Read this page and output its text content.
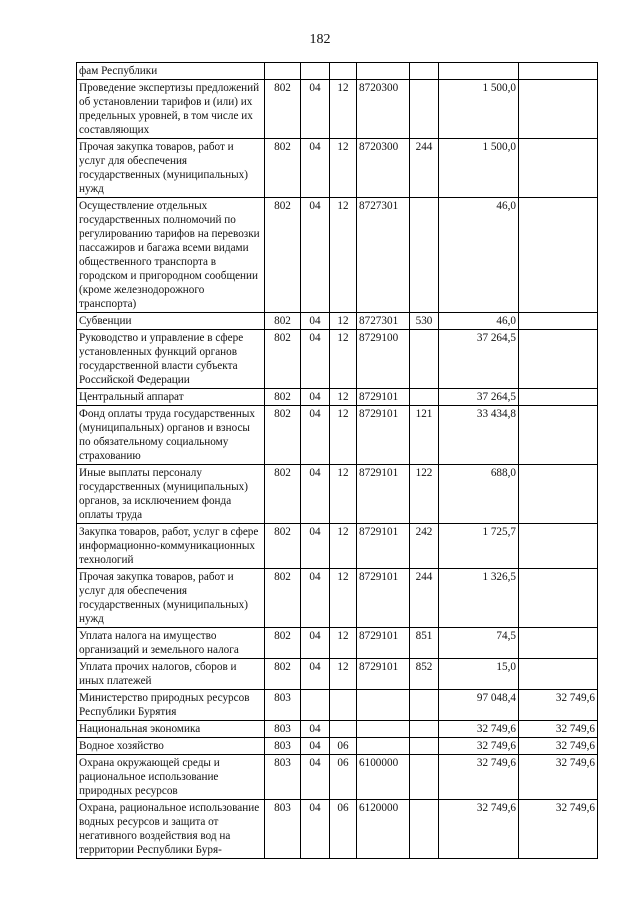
182
фам Республики							
Проведение экспертизы предложений об установлении тарифов и (или) их предельных уровней, в том числе их составляющих	802	04	12	8720300		1 500,0	
Прочая закупка товаров, работ и услуг для обеспечения государственных (муниципальных) нужд	802	04	12	8720300	244	1 500,0	
Осуществление отдельных государственных полномочий по регулированию тарифов на перевозки пассажиров и багажа всеми видами общественного транспорта в городском и пригородном сообщении (кроме железнодорожного транспорта)	802	04	12	8727301		46,0	
Субвенции	802	04	12	8727301	530	46,0	
Руководство и управление в сфере установленных функций органов государственной власти субъекта Российской Федерации	802	04	12	8729100		37 264,5	
Центральный аппарат	802	04	12	8729101		37 264,5	
Фонд оплаты труда государственных (муниципальных) органов и взносы по обязательному социальному страхованию	802	04	12	8729101	121	33 434,8	
Иные выплаты персоналу государственных (муниципальных) органов, за исключением фонда оплаты труда	802	04	12	8729101	122	688,0	
Закупка товаров, работ, услуг в сфере информационно-коммуникационных технологий	802	04	12	8729101	242	1 725,7	
Прочая закупка товаров, работ и услуг для обеспечения государственных (муниципальных) нужд	802	04	12	8729101	244	1 326,5	
Уплата налога на имущество организаций и земельного налога	802	04	12	8729101	851	74,5	
Уплата прочих налогов, сборов и иных платежей	802	04	12	8729101	852	15,0	
Министерство природных ресурсов Республики Бурятия	803					97 048,4	32 749,6
Национальная экономика	803	04				32 749,6	32 749,6
Водное хозяйство	803	04	06			32 749,6	32 749,6
Охрана окружающей среды и рациональное использование природных ресурсов	803	04	06	6100000		32 749,6	32 749,6
Охрана, рациональное использование водных ресурсов и защита от негативного воздействия вод на территории Республики Буря-	803	04	06	6120000		32 749,6	32 749,6
